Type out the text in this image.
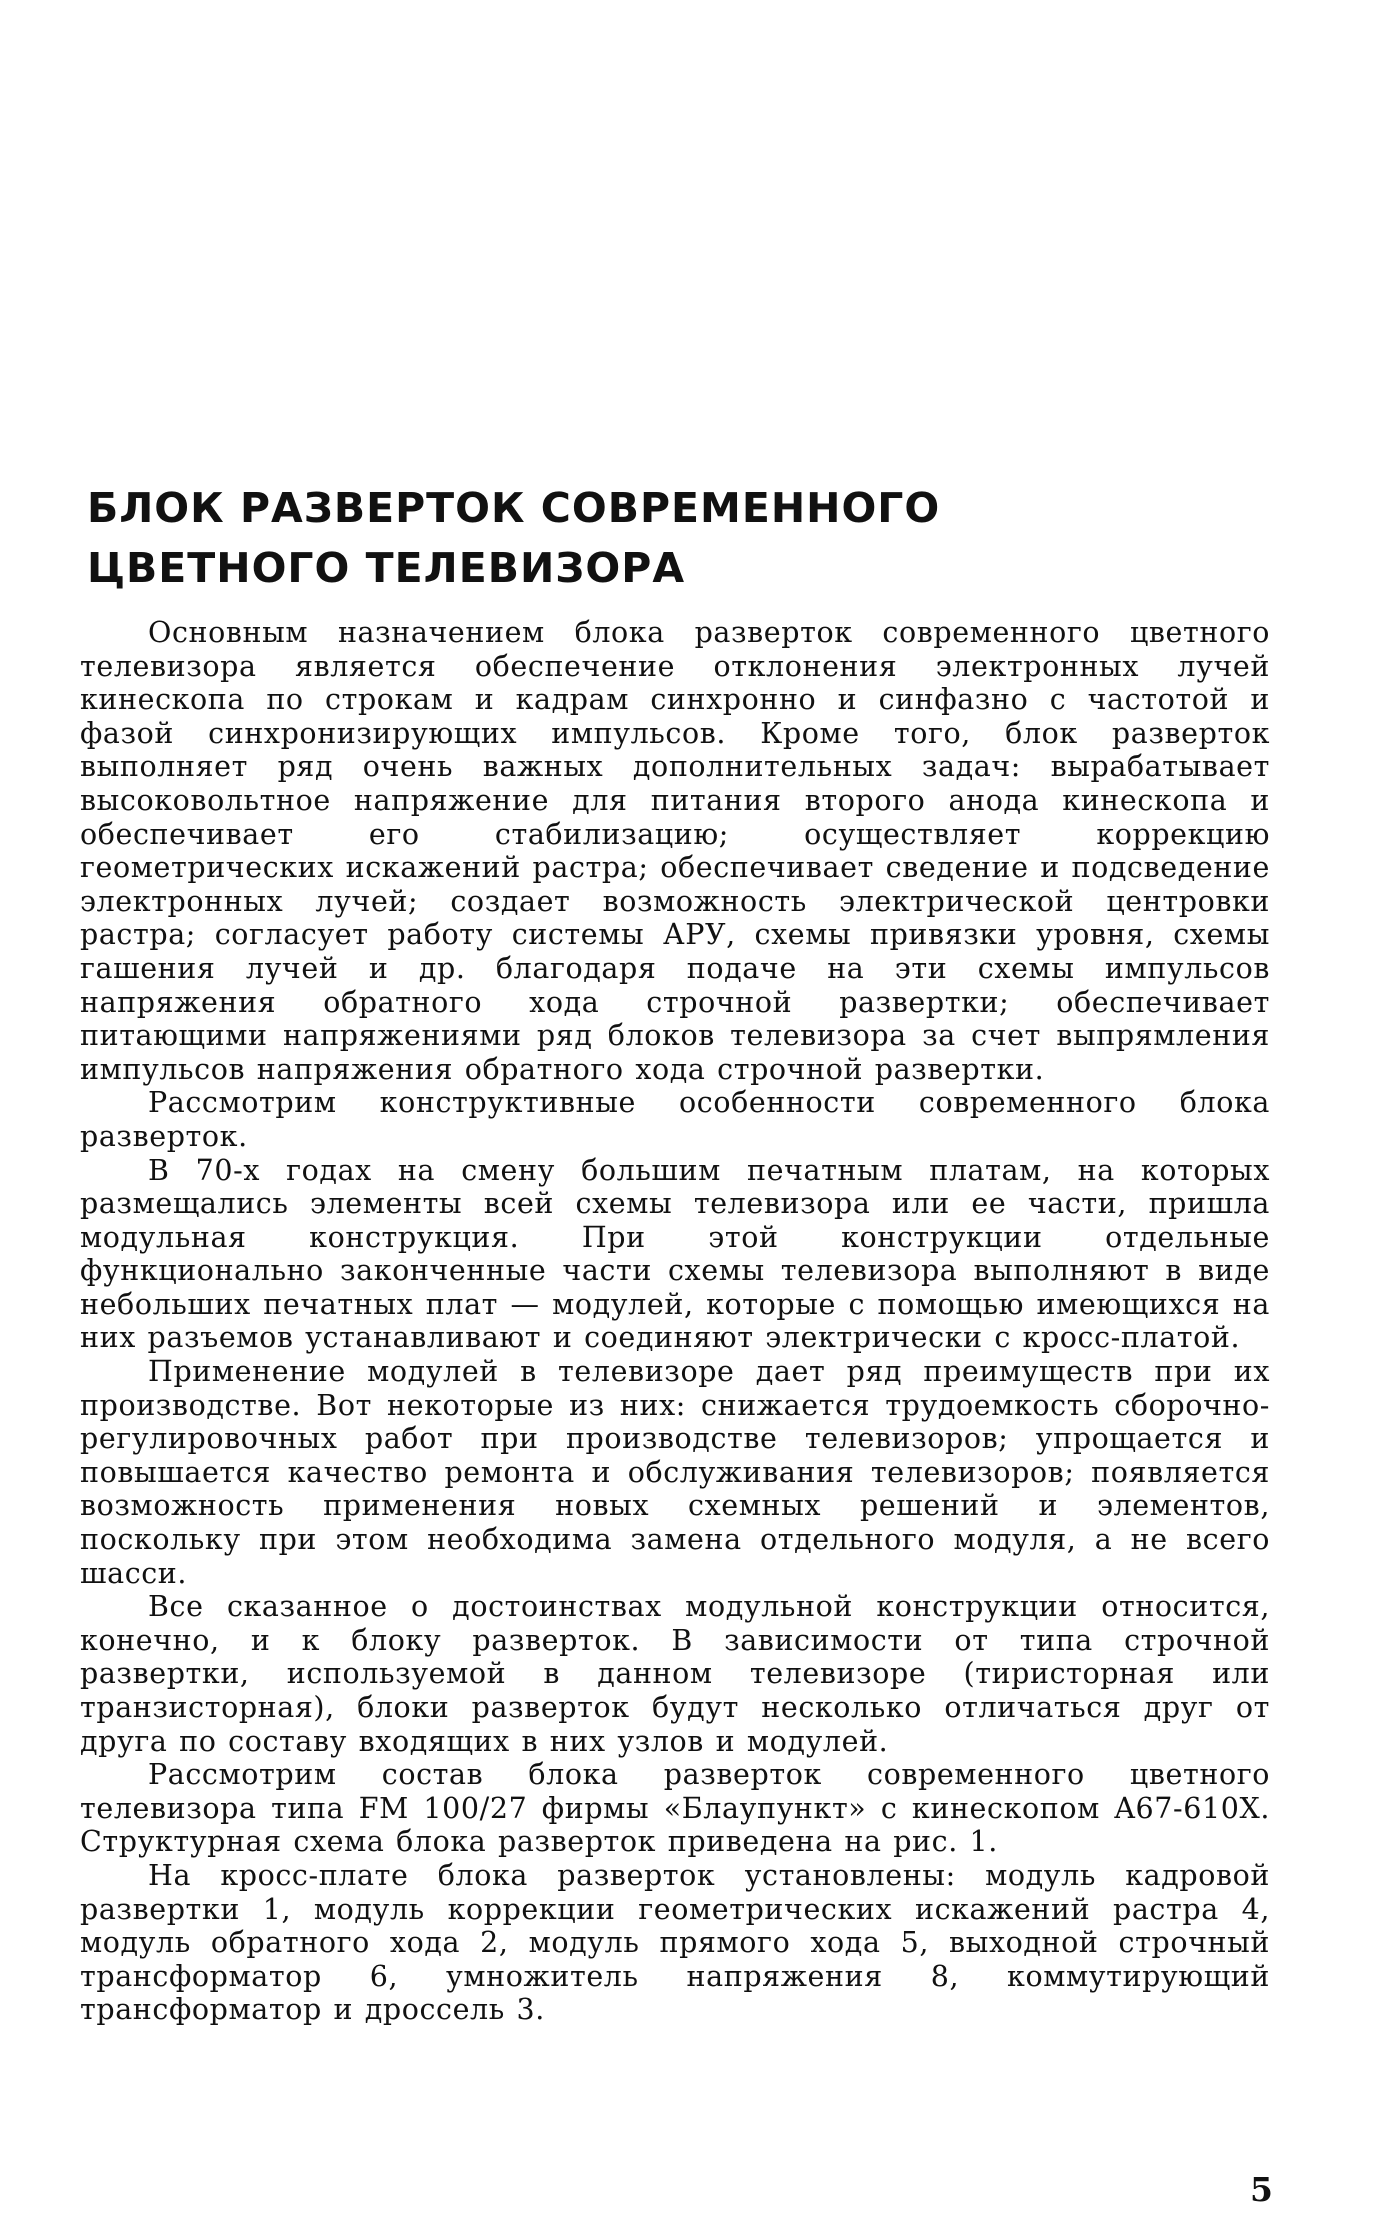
БЛОК РАЗВЕРТОК СОВРЕМЕННОГО
ЦВЕТНОГО ТЕЛЕВИЗОРА

Основным назначением блока разверток современного цветного телевизора является обеспечение отклонения электронных лучей кинескопа по строкам и кадрам синхронно и синфазно с частотой и фазой синхронизирующих импульсов. Кроме того, блок разверток выполняет ряд очень важных дополнительных задач: вырабатывает высоковольтное напряжение для питания второго анода кинескопа и обеспечивает его стабилизацию; осуществляет коррекцию геометрических искажений растра; обеспечивает сведение и подсведение электронных лучей; создает возможность электрической центровки растра; согласует работу системы АРУ, схемы привязки уровня, схемы гашения лучей и др. благодаря подаче на эти схемы импульсов напряжения обратного хода строчной развертки; обеспечивает питающими напряжениями ряд блоков телевизора за счет выпрямления импульсов напряжения обратного хода строчной развертки.

Рассмотрим конструктивные особенности современного блока разверток.

В 70-х годах на смену большим печатным платам, на которых размещались элементы всей схемы телевизора или ее части, пришла модульная конструкция. При этой конструкции отдельные функционально законченные части схемы телевизора выполняют в виде небольших печатных плат — модулей, которые с помощью имеющихся на них разъемов устанавливают и соединяют электрически с кросс-платой.

Применение модулей в телевизоре дает ряд преимуществ при их производстве. Вот некоторые из них: снижается трудоемкость сборочно-регулировочных работ при производстве телевизоров; упрощается и повышается качество ремонта и обслуживания телевизоров; появляется возможность применения новых схемных решений и элементов, поскольку при этом необходима замена отдельного модуля, а не всего шасси.

Все сказанное о достоинствах модульной конструкции относится, конечно, и к блоку разверток. В зависимости от типа строчной развертки, используемой в данном телевизоре (тиристорная или транзисторная), блоки разверток будут несколько отличаться друг от друга по составу входящих в них узлов и модулей.

Рассмотрим состав блока разверток современного цветного телевизора типа FM 100/27 фирмы «Блаупункт» с кинескопом A67-610X. Структурная схема блока разверток приведена на рис. 1.

На кросс-плате блока разверток установлены: модуль кадровой развертки 1, модуль коррекции геометрических искажений растра 4, модуль обратного хода 2, модуль прямого хода 5, выходной строчный трансформатор 6, умножитель напряжения 8, коммутирующий трансформатор и дроссель 3.

5
